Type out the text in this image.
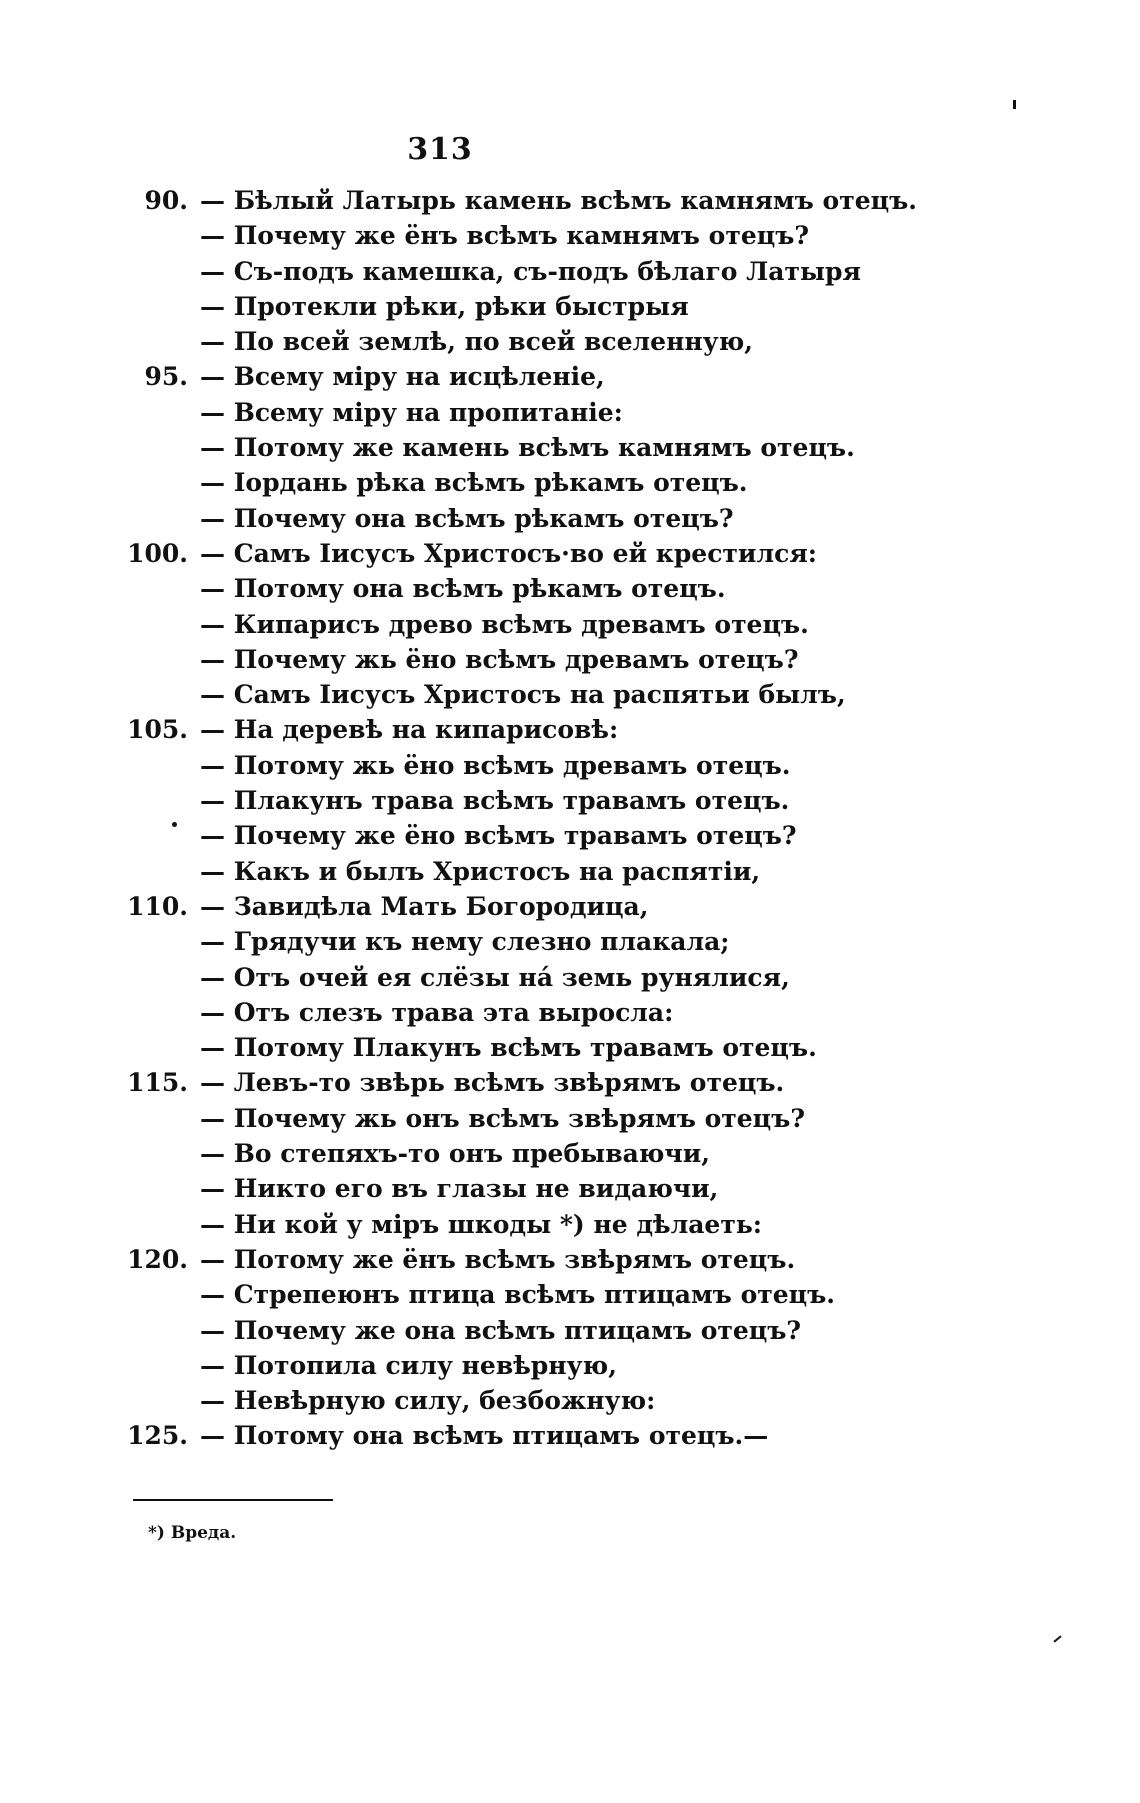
313
90. — Бѣлый Латырь камень всѣмъ камнямъ отецъ.
— Почему же ёнъ всѣмъ камнямъ отецъ?
— Съ-подъ камешка, съ-подъ бѣлаго Латыря
— Протекли рѣки, рѣки быстрыя
— По всей землѣ, по всей вселенную,
95. — Всему міру на исцѣленіе,
— Всему міру на пропитаніе:
— Потому же камень всѣмъ камнямъ отецъ.
— Іордань рѣка всѣмъ рѣкамъ отецъ.
— Почему она всѣмъ рѣкамъ отецъ?
100. — Самъ Іисусъ Христосъ·во ей крестился:
— Потому она всѣмъ рѣкамъ отецъ.
— Кипарисъ древо всѣмъ древамъ отецъ.
— Почему жь ёно всѣмъ древамъ отецъ?
— Самъ Іисусъ Христосъ на распятьи былъ,
105. — На деревѣ на кипарисовѣ:
— Потому жь ёно всѣмъ древамъ отецъ.
— Плакунъ трава всѣмъ травамъ отецъ.
— Почему же ёно всѣмъ травамъ отецъ?
— Какъ и былъ Христосъ на распятіи,
110. — Завидѣла Мать Богородица,
— Грядучи къ нему слезно плакала;
— Отъ очей ея слёзы на́ земь рунялися,
— Отъ слезъ трава эта выросла:
— Потому Плакунъ всѣмъ травамъ отецъ.
115. — Левъ-то звѣрь всѣмъ звѣрямъ отецъ.
— Почему жь онъ всѣмъ звѣрямъ отецъ?
— Во степяхъ-то онъ пребываючи,
— Никто его въ глазы не видаючи,
— Ни кой у міръ шкоды *) не дѣлаеть:
120. — Потому же ёнъ всѣмъ звѣрямъ отецъ.
— Стрепеюнъ птица всѣмъ птицамъ отецъ.
— Почему же она всѣмъ птицамъ отецъ?
— Потопила силу невѣрную,
— Невѣрную силу, безбожную:
125. — Потому она всѣмъ птицамъ отецъ.—
*) Вреда.
